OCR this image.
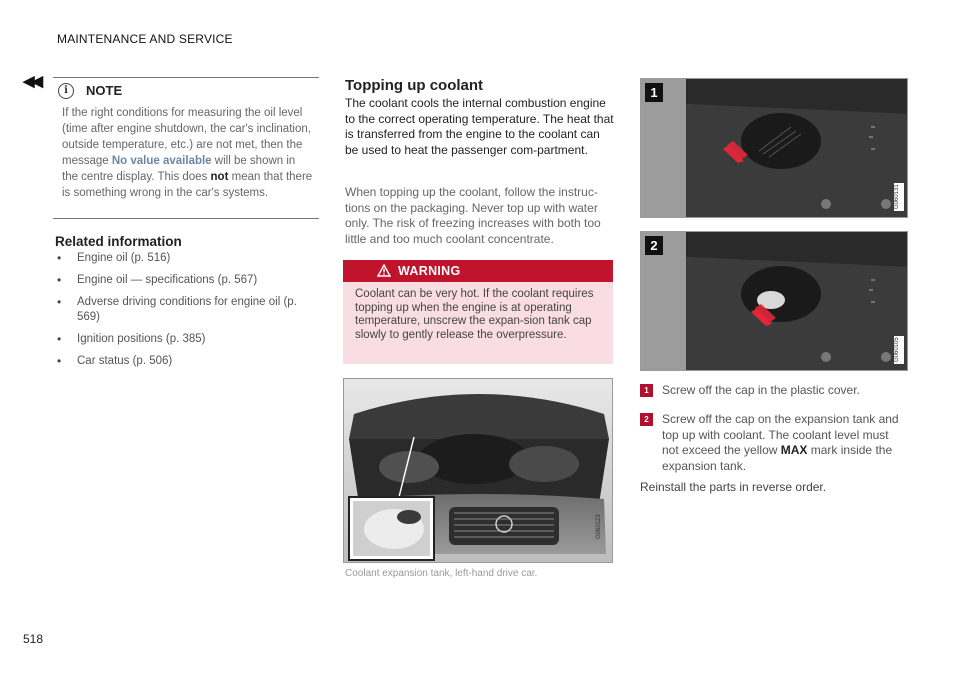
MAINTENANCE AND SERVICE
◀◀
i	NOTE
If the right conditions for measuring the oil level (time after engine shutdown, the car's inclination, outside temperature, etc.) are not met, then the message No value available will be shown in the centre display. This does not mean that there is something wrong in the car's systems.
Related information
• Engine oil (p. 516)
• Engine oil — specifications (p. 567)
• Adverse driving conditions for engine oil (p. 569)
• Ignition positions (p. 385)
• Car status (p. 506)
Topping up coolant
The coolant cools the internal combustion engine to the correct operating temperature. The heat that is transferred from the engine to the coolant can be used to heat the passenger com-partment.
When topping up the coolant, follow the instruc-tions on the packaging. Never top up with water only. The risk of freezing increases with both too little and too much coolant concentrate.
WARNING
Coolant can be very hot. If the coolant requires topping up when the engine is at operating temperature, unscrew the expan-sion tank cap slowly to gently release the overpressure.
G060123
Coolant expansion tank, left-hand drive car.
1
G060131
2
G060105
1	Screw off the cap in the plastic cover.
2	Screw off the cap on the expansion tank and top up with coolant. The coolant level must not exceed the yellow MAX mark inside the expansion tank.
Reinstall the parts in reverse order.
518
